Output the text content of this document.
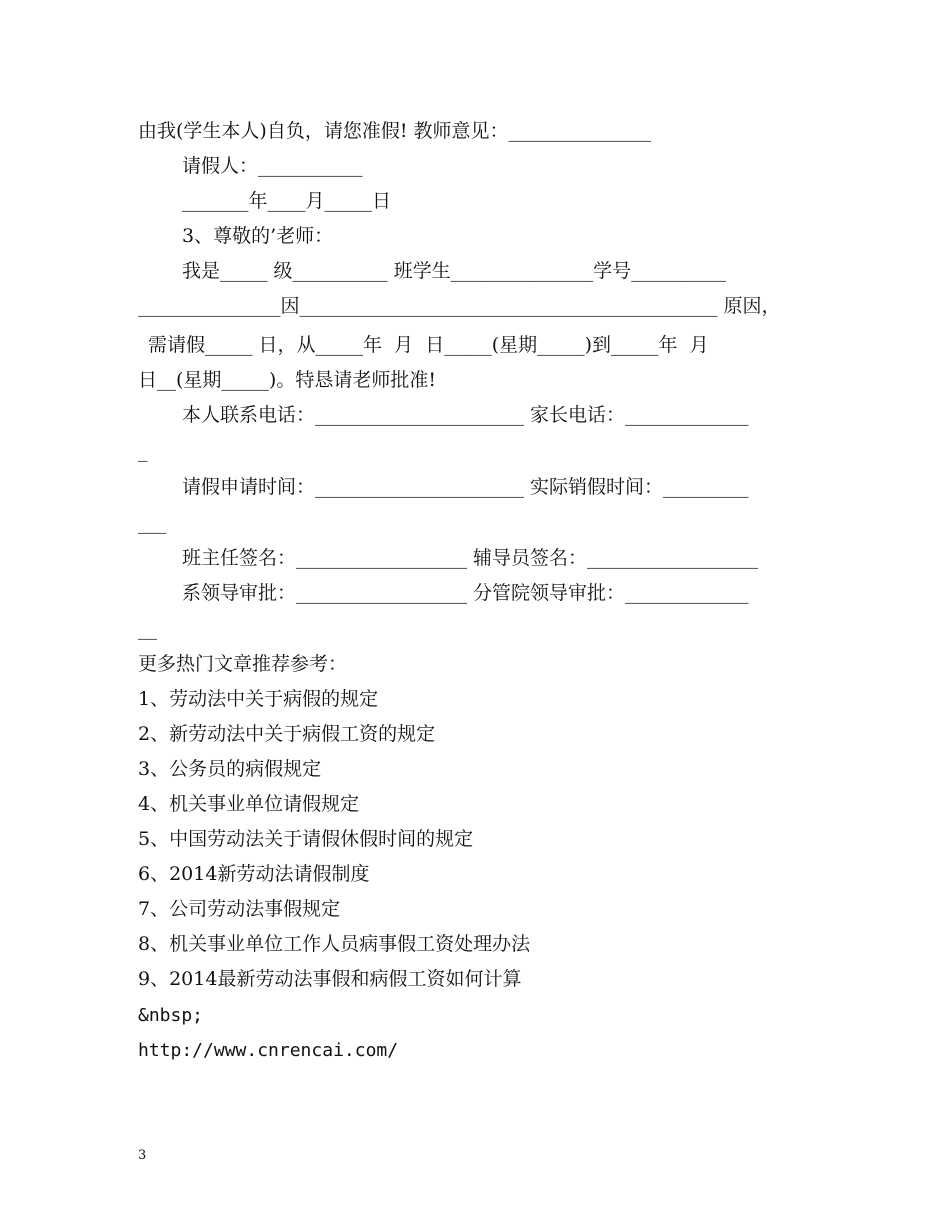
由我(学生本人)自负，请您准假! 教师意见：_______________
请假人：___________
_______年____月_____日
3、尊敬的’老师：
我是_____ 级__________ 班学生_______________学号__________
_______________因____________________________________________ 原因，
需请假_____ 日，从_____年  月  日_____(星期_____)到_____年  月
日__(星期_____)。特恳请老师批准!
本人联系电话：______________________ 家长电话：_____________
_
请假申请时间：______________________ 实际销假时间：_________
___
班主任签名：__________________ 辅导员签名：__________________
系领导审批：__________________ 分管院领导审批：_____________
__
更多热门文章推荐参考：
1、劳动法中关于病假的规定
2、新劳动法中关于病假工资的规定
3、公务员的病假规定
4、机关事业单位请假规定
5、中国劳动法关于请假休假时间的规定
6、2014新劳动法请假制度
7、公司劳动法事假规定
8、机关事业单位工作人员病事假工资处理办法
9、2014最新劳动法事假和病假工资如何计算
&nbsp;
http://www.cnrencai.com/
3
